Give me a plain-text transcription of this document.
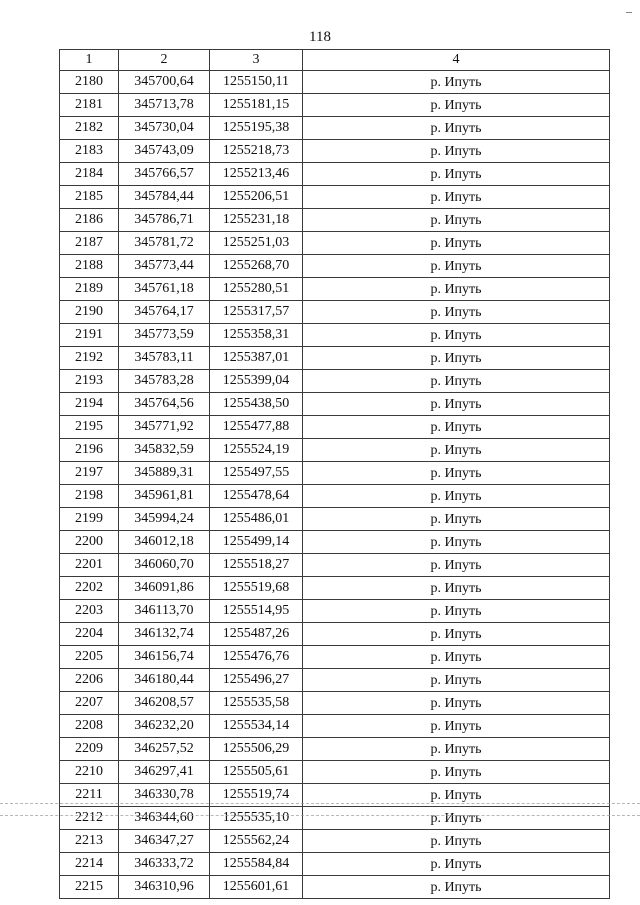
118
1	2	3	4
2180	345700,64	1255150,11	р. Ипуть
2181	345713,78	1255181,15	р. Ипуть
2182	345730,04	1255195,38	р. Ипуть
2183	345743,09	1255218,73	р. Ипуть
2184	345766,57	1255213,46	р. Ипуть
2185	345784,44	1255206,51	р. Ипуть
2186	345786,71	1255231,18	р. Ипуть
2187	345781,72	1255251,03	р. Ипуть
2188	345773,44	1255268,70	р. Ипуть
2189	345761,18	1255280,51	р. Ипуть
2190	345764,17	1255317,57	р. Ипуть
2191	345773,59	1255358,31	р. Ипуть
2192	345783,11	1255387,01	р. Ипуть
2193	345783,28	1255399,04	р. Ипуть
2194	345764,56	1255438,50	р. Ипуть
2195	345771,92	1255477,88	р. Ипуть
2196	345832,59	1255524,19	р. Ипуть
2197	345889,31	1255497,55	р. Ипуть
2198	345961,81	1255478,64	р. Ипуть
2199	345994,24	1255486,01	р. Ипуть
2200	346012,18	1255499,14	р. Ипуть
2201	346060,70	1255518,27	р. Ипуть
2202	346091,86	1255519,68	р. Ипуть
2203	346113,70	1255514,95	р. Ипуть
2204	346132,74	1255487,26	р. Ипуть
2205	346156,74	1255476,76	р. Ипуть
2206	346180,44	1255496,27	р. Ипуть
2207	346208,57	1255535,58	р. Ипуть
2208	346232,20	1255534,14	р. Ипуть
2209	346257,52	1255506,29	р. Ипуть
2210	346297,41	1255505,61	р. Ипуть
2211	346330,78	1255519,74	р. Ипуть
2212	346344,60	1255535,10	р. Ипуть
2213	346347,27	1255562,24	р. Ипуть
2214	346333,72	1255584,84	р. Ипуть
2215	346310,96	1255601,61	р. Ипуть
